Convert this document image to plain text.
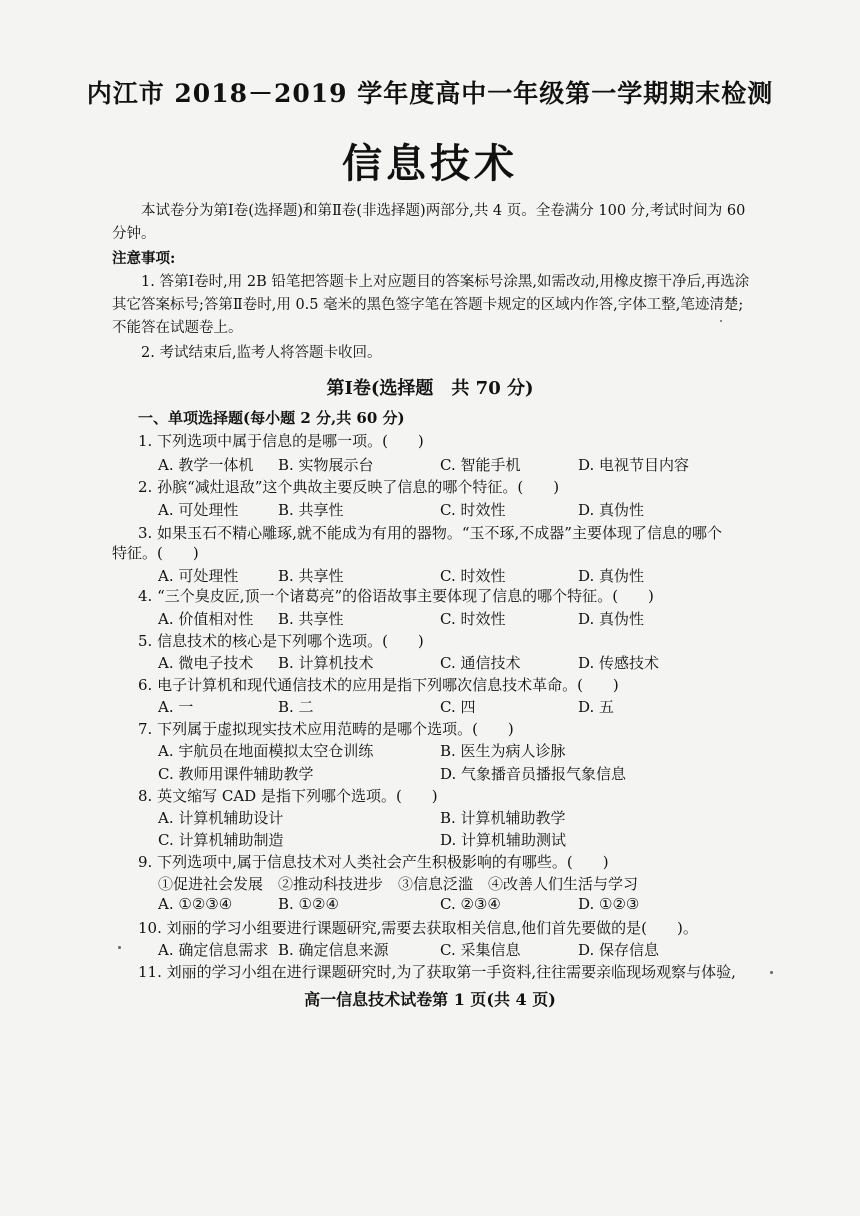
内江市 2018－2019 学年度高中一年级第一学期期末检测
信息技术
本试卷分为第Ⅰ卷(选择题)和第Ⅱ卷(非选择题)两部分,共 4 页。全卷满分 100 分,考试时间为 60 分钟。
注意事项:
1. 答第Ⅰ卷时,用 2B 铅笔把答题卡上对应题目的答案标号涂黑,如需改动,用橡皮擦干净后,再选涂其它答案标号;答第Ⅱ卷时,用 0.5 毫米的黑色签字笔在答题卡规定的区域内作答,字体工整,笔迹清楚;不能答在试题卷上。
2. 考试结束后,监考人将答题卡收回。
第Ⅰ卷(选择题　共 70 分)
一、单项选择题(每小题 2 分,共 60 分)
1. 下列选项中属于信息的是哪一项。(　　)
A. 教学一体机 B. 实物展示台	C. 智能手机	D. 电视节目内容
2. 孙膑“减灶退敌”这个典故主要反映了信息的哪个特征。(　　)
A. 可处理性	B. 共享性	C. 时效性	D. 真伪性
3. 如果玉石不精心雕琢,就不能成为有用的器物。“玉不琢,不成器”主要体现了信息的哪个
特征。(　　)
A. 可处理性	B. 共享性	C. 时效性	D. 真伪性
4. “三个臭皮匠,顶一个诸葛亮”的俗语故事主要体现了信息的哪个特征。(　　)
A. 价值相对性 B. 共享性	C. 时效性	D. 真伪性
5. 信息技术的核心是下列哪个选项。(　　)
A. 微电子技术 B. 计算机技术	C. 通信技术	D. 传感技术
6. 电子计算机和现代通信技术的应用是指下列哪次信息技术革命。(　　)
A. 一	B. 二	C. 四	D. 五
7. 下列属于虚拟现实技术应用范畴的是哪个选项。(　　)
A. 宇航员在地面模拟太空仓训练	B. 医生为病人诊脉
C. 教师用课件辅助教学	D. 气象播音员播报气象信息
8. 英文缩写 CAD 是指下列哪个选项。(　　)
A. 计算机辅助设计	B. 计算机辅助教学
C. 计算机辅助制造	D. 计算机辅助测试
9. 下列选项中,属于信息技术对人类社会产生积极影响的有哪些。(　　)
①促进社会发展　②推动科技进步　③信息泛滥　④改善人们生活与学习
A. ①②③④	B. ①②④	C. ②③④	D. ①②③
10. 刘丽的学习小组要进行课题研究,需要去获取相关信息,他们首先要做的是(　　)。
A. 确定信息需求 B. 确定信息来源	C. 采集信息	D. 保存信息
11. 刘丽的学习小组在进行课题研究时,为了获取第一手资料,往往需要亲临现场观察与体验,
高一信息技术试卷第 1 页(共 4 页)
